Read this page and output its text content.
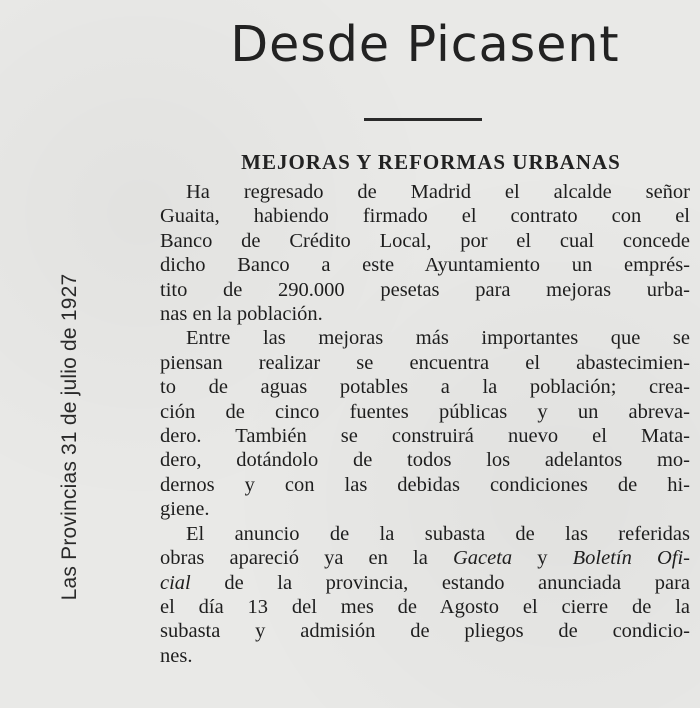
Las Provincias 31 de julio de 1927
Desde Picasent
MEJORAS Y REFORMAS URBANAS

Ha regresado de Madrid el alcalde señor
Guaita, habiendo firmado el contrato con el
Banco de Crédito Local, por el cual concede
dicho Banco a este Ayuntamiento un emprés-
tito de 290.000 pesetas para mejoras urba-
nas en la población.

Entre las mejoras más importantes que se
piensan realizar se encuentra el abastecimien-
to de aguas potables a la población; crea-
ción de cinco fuentes públicas y un abreva-
dero. También se construirá nuevo el Mata-
dero, dotándolo de todos los adelantos mo-
dernos y con las debidas condiciones de hi-
giene.

El anuncio de la subasta de las referidas
obras apareció ya en la Gaceta y Boletín Ofi-
cial de la provincia, estando anunciada para
el día 13 del mes de Agosto el cierre de la
subasta y admisión de pliegos de condicio-
nes.
